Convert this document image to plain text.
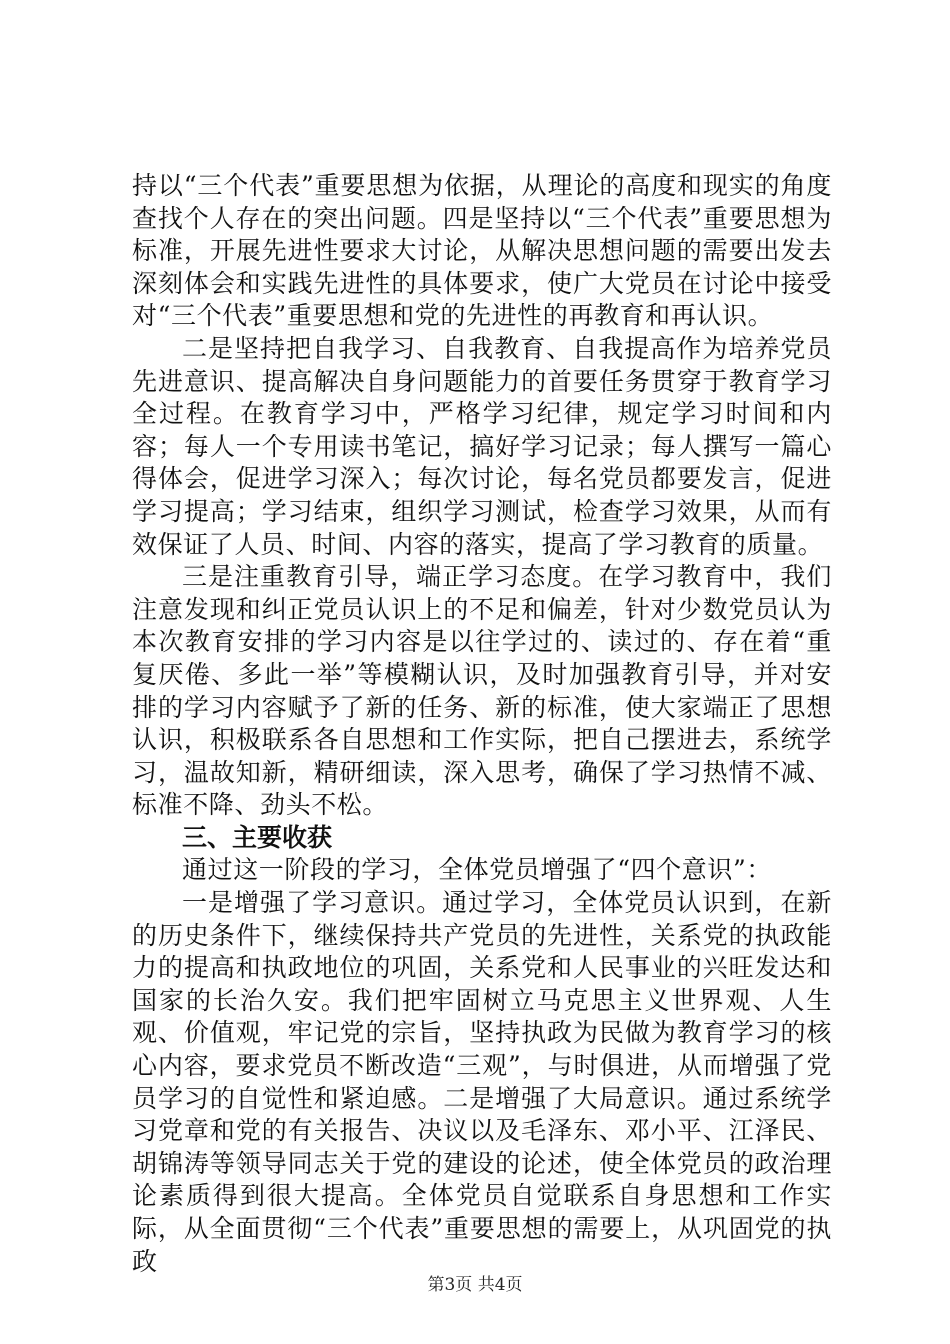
持以“三个代表”重要思想为依据，从理论的高度和现实的角度查找个人存在的突出问题。四是坚持以“三个代表”重要思想为标准，开展先进性要求大讨论，从解决思想问题的需要出发去深刻体会和实践先进性的具体要求，使广大党员在讨论中接受对“三个代表”重要思想和党的先进性的再教育和再认识。

二是坚持把自我学习、自我教育、自我提高作为培养党员先进意识、提高解决自身问题能力的首要任务贯穿于教育学习全过程。在教育学习中，严格学习纪律，规定学习时间和内容；每人一个专用读书笔记，搞好学习记录；每人撰写一篇心得体会，促进学习深入；每次讨论，每名党员都要发言，促进学习提高；学习结束，组织学习测试，检查学习效果，从而有效保证了人员、时间、内容的落实，提高了学习教育的质量。

三是注重教育引导，端正学习态度。在学习教育中，我们注意发现和纠正党员认识上的不足和偏差，针对少数党员认为本次教育安排的学习内容是以往学过的、读过的、存在着“重复厌倦、多此一举”等模糊认识，及时加强教育引导，并对安排的学习内容赋予了新的任务、新的标准，使大家端正了思想认识，积极联系各自思想和工作实际，把自己摆进去，系统学习，温故知新，精研细读，深入思考，确保了学习热情不减、标准不降、劲头不松。

三、主要收获

通过这一阶段的学习，全体党员增强了“四个意识”：

一是增强了学习意识。通过学习，全体党员认识到，在新的历史条件下，继续保持共产党员的先进性，关系党的执政能力的提高和执政地位的巩固，关系党和人民事业的兴旺发达和国家的长治久安。我们把牢固树立马克思主义世界观、人生观、价值观，牢记党的宗旨，坚持执政为民做为教育学习的核心内容，要求党员不断改造“三观”，与时俱进，从而增强了党员学习的自觉性和紧迫感。二是增强了大局意识。通过系统学习党章和党的有关报告、决议以及毛泽东、邓小平、江泽民、胡锦涛等领导同志关于党的建设的论述，使全体党员的政治理论素质得到很大提高。全体党员自觉联系自身思想和工作实际，从全面贯彻“三个代表”重要思想的需要上，从巩固党的执政

第3页 共4页
